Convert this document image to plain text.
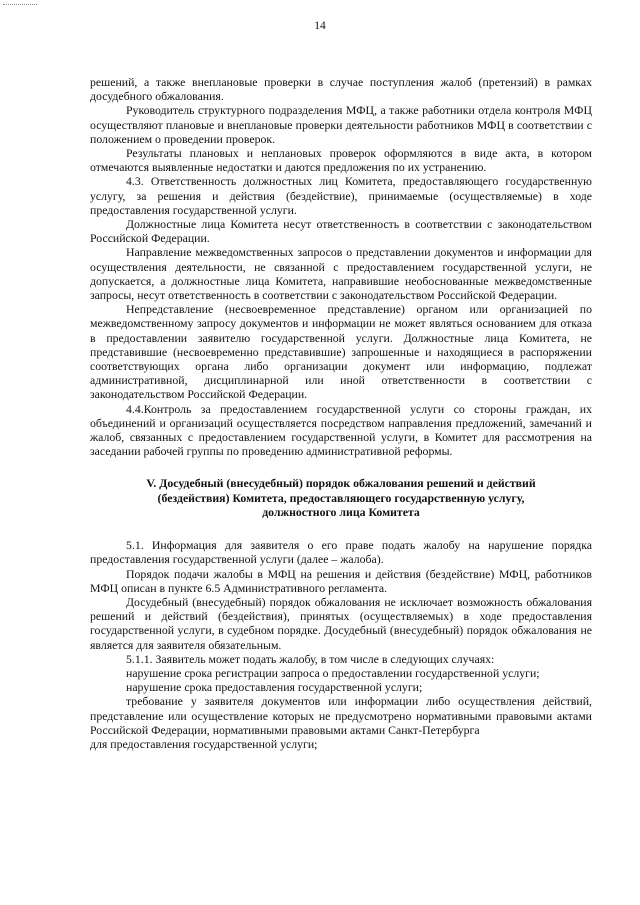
14

решений, а также внеплановые проверки в случае поступления жалоб (претензий) в рамках досудебного обжалования.

Руководитель структурного подразделения МФЦ, а также работники отдела контроля МФЦ осуществляют плановые и внеплановые проверки деятельности работников МФЦ в соответствии с положением о проведении проверок.

Результаты плановых и неплановых проверок оформляются в виде акта, в котором отмечаются выявленные недостатки и даются предложения по их устранению.

4.3. Ответственность должностных лиц Комитета, предоставляющего государственную услугу, за решения и действия (бездействие), принимаемые (осуществляемые) в ходе предоставления государственной услуги.

Должностные лица Комитета несут ответственность в соответствии с законодательством Российской Федерации.

Направление межведомственных запросов о представлении документов и информации для осуществления деятельности, не связанной с предоставлением государственной услуги, не допускается, а должностные лица Комитета, направившие необоснованные межведомственные запросы, несут ответственность в соответствии с законодательством Российской Федерации.

Непредставление (несвоевременное представление) органом или организацией по межведомственному запросу документов и информации не может являться основанием для отказа в предоставлении заявителю государственной услуги. Должностные лица Комитета, не представившие (несвоевременно представившие) запрошенные и находящиеся в распоряжении соответствующих органа либо организации документ или информацию, подлежат административной, дисциплинарной или иной ответственности в соответствии с законодательством Российской Федерации.

4.4.Контроль за предоставлением государственной услуги со стороны граждан, их объединений и организаций осуществляется посредством направления предложений, замечаний и жалоб, связанных с предоставлением государственной услуги, в Комитет для рассмотрения на заседании рабочей группы по проведению административной реформы.

V. Досудебный (внесудебный) порядок обжалования решений и действий (бездействия) Комитета, предоставляющего государственную услугу, должностного лица Комитета

5.1. Информация для заявителя о его праве подать жалобу на нарушение порядка предоставления государственной услуги (далее – жалоба).

Порядок подачи жалобы в МФЦ на решения и действия (бездействие) МФЦ, работников МФЦ описан в пункте 6.5 Административного регламента.

Досудебный (внесудебный) порядок обжалования не исключает возможность обжалования решений и действий (бездействия), принятых (осуществляемых) в ходе предоставления государственной услуги, в судебном порядке. Досудебный (внесудебный) порядок обжалования не является для заявителя обязательным.

5.1.1. Заявитель может подать жалобу, в том числе в следующих случаях:

нарушение срока регистрации запроса о предоставлении государственной услуги;

нарушение срока предоставления государственной услуги;

требование у заявителя документов или информации либо осуществления действий, представление или осуществление которых не предусмотрено нормативными правовыми актами Российской Федерации, нормативными правовыми актами Санкт-Петербурга

для предоставления государственной услуги;
